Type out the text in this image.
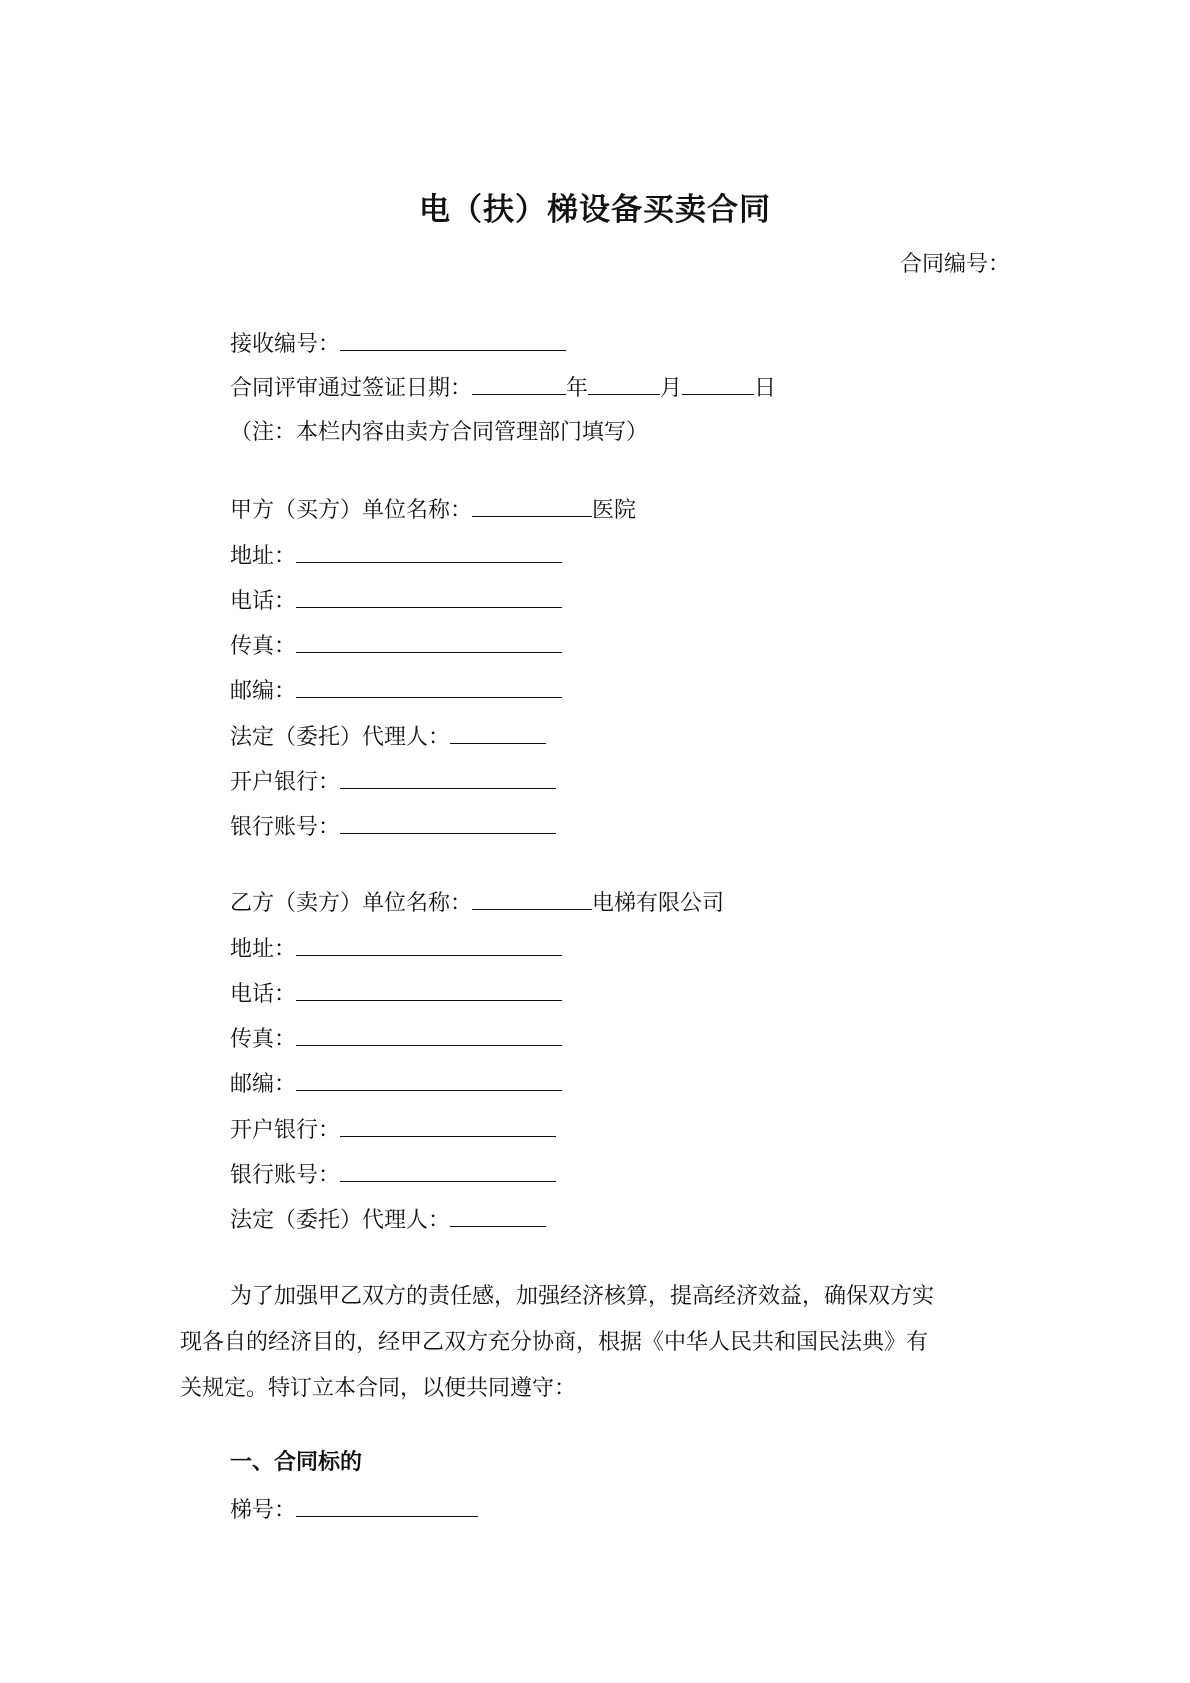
电（扶）梯设备买卖合同
合同编号：
接收编号：
合同评审通过签证日期：	年	月	日
（注：本栏内容由卖方合同管理部门填写）
甲方（买方）单位名称：	医院
地址：
电话：
传真：
邮编：
法定（委托）代理人：
开户银行：
银行账号：
乙方（卖方）单位名称：	电梯有限公司
地址：
电话：
传真：
邮编：
开户银行：
银行账号：
法定（委托）代理人：
为了加强甲乙双方的责任感，加强经济核算，提高经济效益，确保双方实
现各自的经济目的，经甲乙双方充分协商，根据《中华人民共和国民法典》有
关规定。特订立本合同，以便共同遵守：
一、合同标的
梯号：
